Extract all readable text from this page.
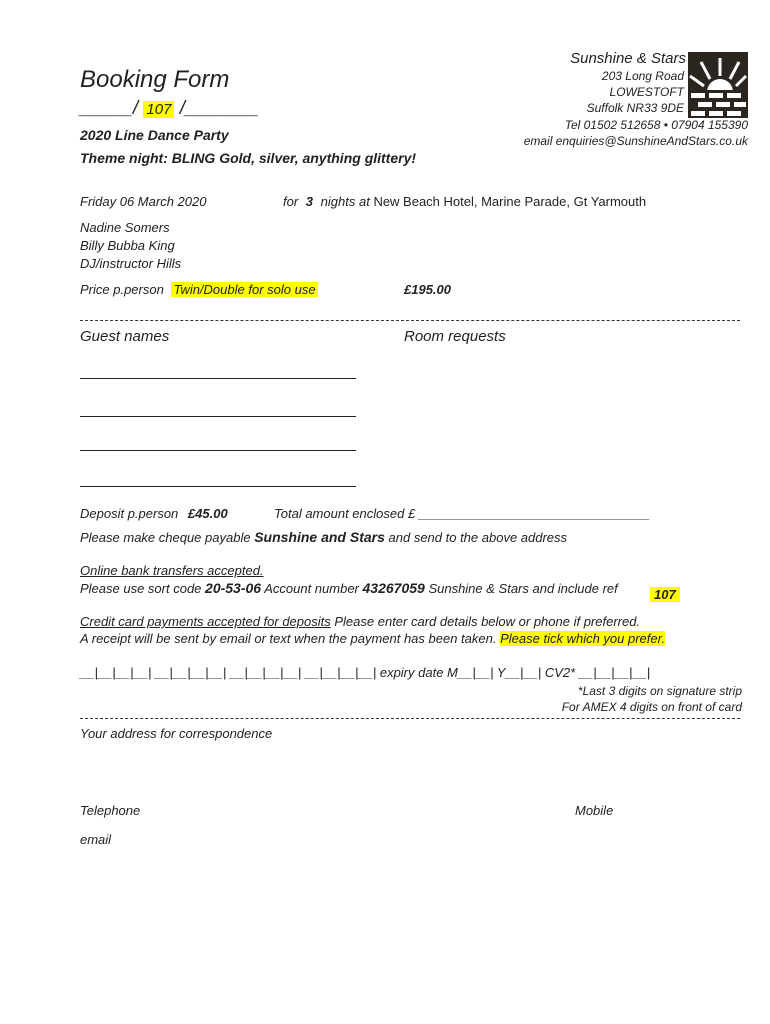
Sunshine & Stars
203 Long Road
LOWESTOFT
Suffolk NR33 9DE
Tel 01502 512658 • 07904 155390
email enquiries@SunshineAndStars.co.uk
Booking Form
_____/ 107 /_______
2020 Line Dance Party
Theme night: BLING Gold, silver, anything glittery!
Friday 06 March 2020	for 3 nights at New Beach Hotel, Marine Parade, Gt Yarmouth
Nadine Somers
Billy Bubba King
DJ/instructor Hills
Price p.person Twin/Double for solo use	£195.00
Guest names	Room requests
Deposit p.person £45.00	Total amount enclosed £ ________________________________
Please make cheque payable Sunshine and Stars and send to the above address
Online bank transfers accepted.
Please use sort code 20-53-06 Account number 43267059 Sunshine & Stars and include ref	107
Credit card payments accepted for deposits Please enter card details below or phone if preferred.
A receipt will be sent by email or text when the payment has been taken. Please tick which you prefer.
__|__|__|__| __|__|__|__| __|__|__|__| __|__|__|__| expiry date M__|__| Y__|__| CV2* __|__|__|__|
*Last 3 digits on signature strip
For AMEX 4 digits on front of card
Your address for correspondence
Telephone	Mobile
email
